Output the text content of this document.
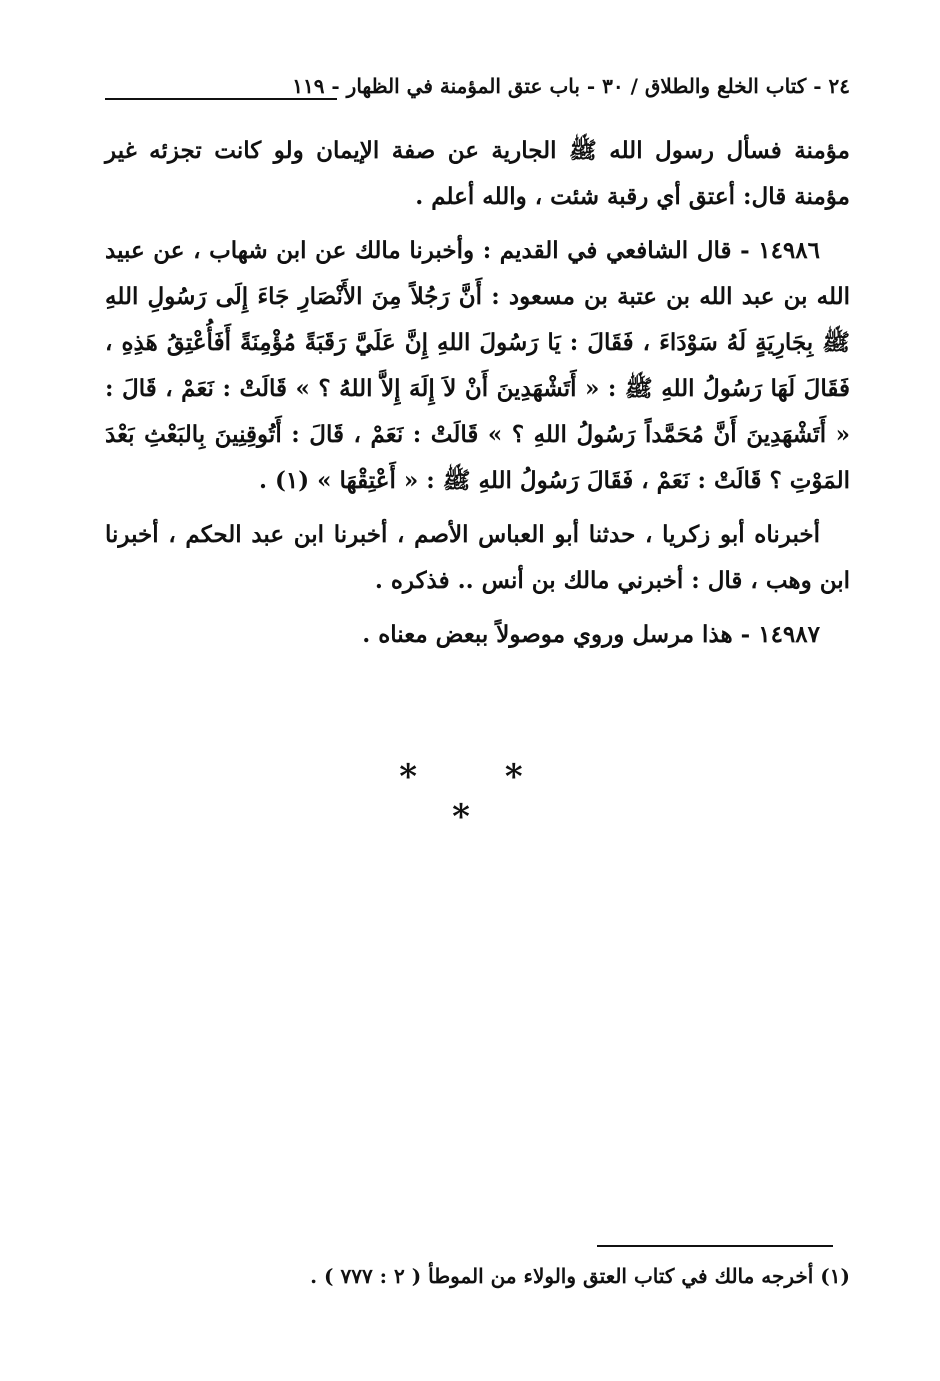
٢٤ - كتاب الخلع والطلاق / ٣٠ - باب عتق المؤمنة في الظهار - ١١٩

مؤمنة فسأل رسول الله ﷺ الجارية عن صفة الإيمان ولو كانت تجزئه غير مؤمنة قال: أعتق أي رقبة شئت ، والله أعلم .

١٤٩٨٦ - قال الشافعي في القديم : وأخبرنا مالك عن ابن شهاب ، عن عبيد الله بن عبد الله بن عتبة بن مسعود : أَنَّ رَجُلاً مِنَ الأَنْصَارِ جَاءَ إِلَى رَسُولِ اللهِ ﷺ بِجَارِيَةٍ لَهُ سَوْدَاءَ ، فَقَالَ : يَا رَسُولَ اللهِ إِنَّ عَلَيَّ رَقَبَةً مُؤْمِنَةً أَفَأُعْتِقُ هَذِهِ ، فَقَالَ لَهَا رَسُولُ اللهِ ﷺ : « أَتَشْهَدِينَ أَنْ لاَ إِلَهَ إِلاَّ اللهُ ؟ » قَالَتْ : نَعَمْ ، قَالَ : « أَتَشْهَدِينَ أَنَّ مُحَمَّداً رَسُولُ اللهِ ؟ » قَالَتْ : نَعَمْ ، قَالَ : أَتُوقِنِينَ بِالبَعْثِ بَعْدَ المَوْتِ ؟ قَالَتْ : نَعَمْ ، فَقَالَ رَسُولُ اللهِ ﷺ : « أَعْتِقْهَا » (١) .

أخبرناه أبو زكريا ، حدثنا أبو العباس الأصم ، أخبرنا ابن عبد الحكم ، أخبرنا ابن وهب ، قال : أخبرني مالك بن أنس .. فذكره .

١٤٩٨٧ - هذا مرسل وروي موصولاً ببعض معناه .

* * *
(١) أخرجه مالك في كتاب العتق والولاء من الموطأ ( ٢ : ٧٧٧ ) .
